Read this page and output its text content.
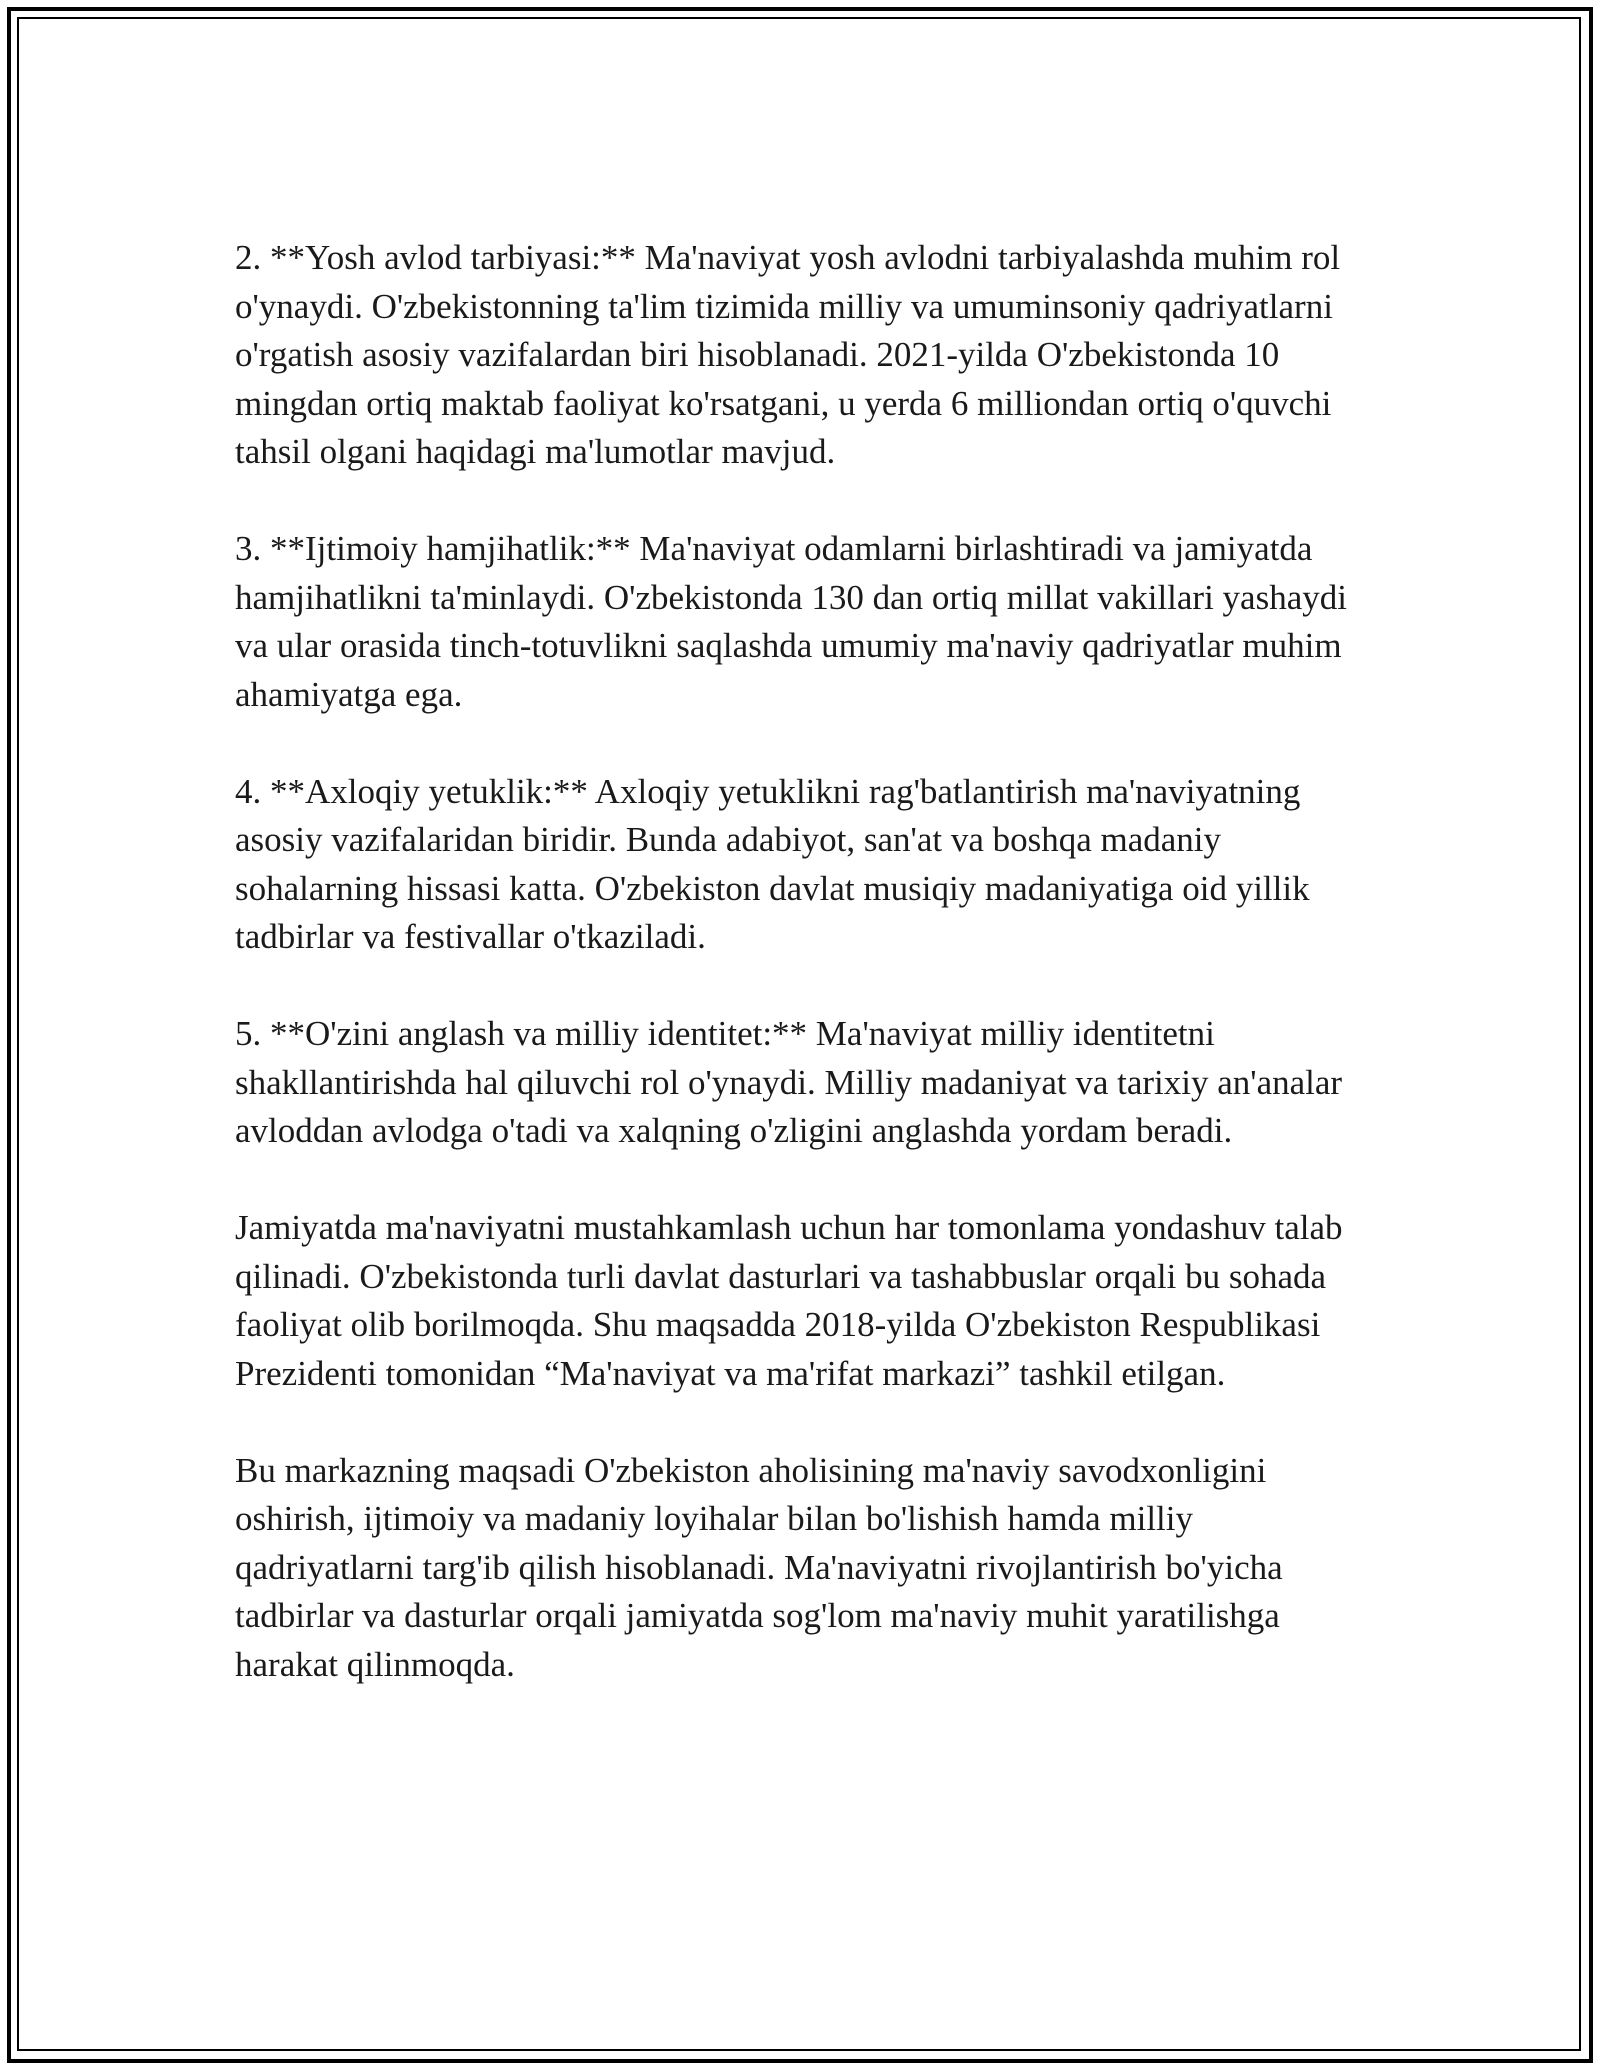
2. **Yosh avlod tarbiyasi:** Ma'naviyat yosh avlodni tarbiyalashda muhim rol o'ynaydi. O'zbekistonning ta'lim tizimida milliy va umuminsoniy qadriyatlarni o'rgatish asosiy vazifalardan biri hisoblanadi. 2021-yilda O'zbekistonda 10 mingdan ortiq maktab faoliyat ko'rsatgani, u yerda 6 milliondan ortiq o'quvchi tahsil olgani haqidagi ma'lumotlar mavjud.

3. **Ijtimoiy hamjihatlik:** Ma'naviyat odamlarni birlashtiradi va jamiyatda hamjihatlikni ta'minlaydi. O'zbekistonda 130 dan ortiq millat vakillari yashaydi va ular orasida tinch-totuvlikni saqlashda umumiy ma'naviy qadriyatlar muhim ahamiyatga ega.

4. **Axloqiy yetuklik:** Axloqiy yetuklikni rag'batlantirish ma'naviyatning asosiy vazifalaridan biridir. Bunda adabiyot, san'at va boshqa madaniy sohalarning hissasi katta. O'zbekiston davlat musiqiy madaniyatiga oid yillik tadbirlar va festivallar o'tkaziladi.

5. **O'zini anglash va milliy identitet:** Ma'naviyat milliy identitetni shakllantirishda hal qiluvchi rol o'ynaydi. Milliy madaniyat va tarixiy an'analar avloddan avlodga o'tadi va xalqning o'zligini anglashda yordam beradi.

Jamiyatda ma'naviyatni mustahkamlash uchun har tomonlama yondashuv talab qilinadi. O'zbekistonda turli davlat dasturlari va tashabbuslar orqali bu sohada faoliyat olib borilmoqda. Shu maqsadda 2018-yilda O'zbekiston Respublikasi Prezidenti tomonidan “Ma'naviyat va ma'rifat markazi” tashkil etilgan.

Bu markazning maqsadi O'zbekiston aholisining ma'naviy savodxonligini oshirish, ijtimoiy va madaniy loyihalar bilan bo'lishish hamda milliy qadriyatlarni targ'ib qilish hisoblanadi. Ma'naviyatni rivojlantirish bo'yicha tadbirlar va dasturlar orqali jamiyatda sog'lom ma'naviy muhit yaratilishga harakat qilinmoqda.
